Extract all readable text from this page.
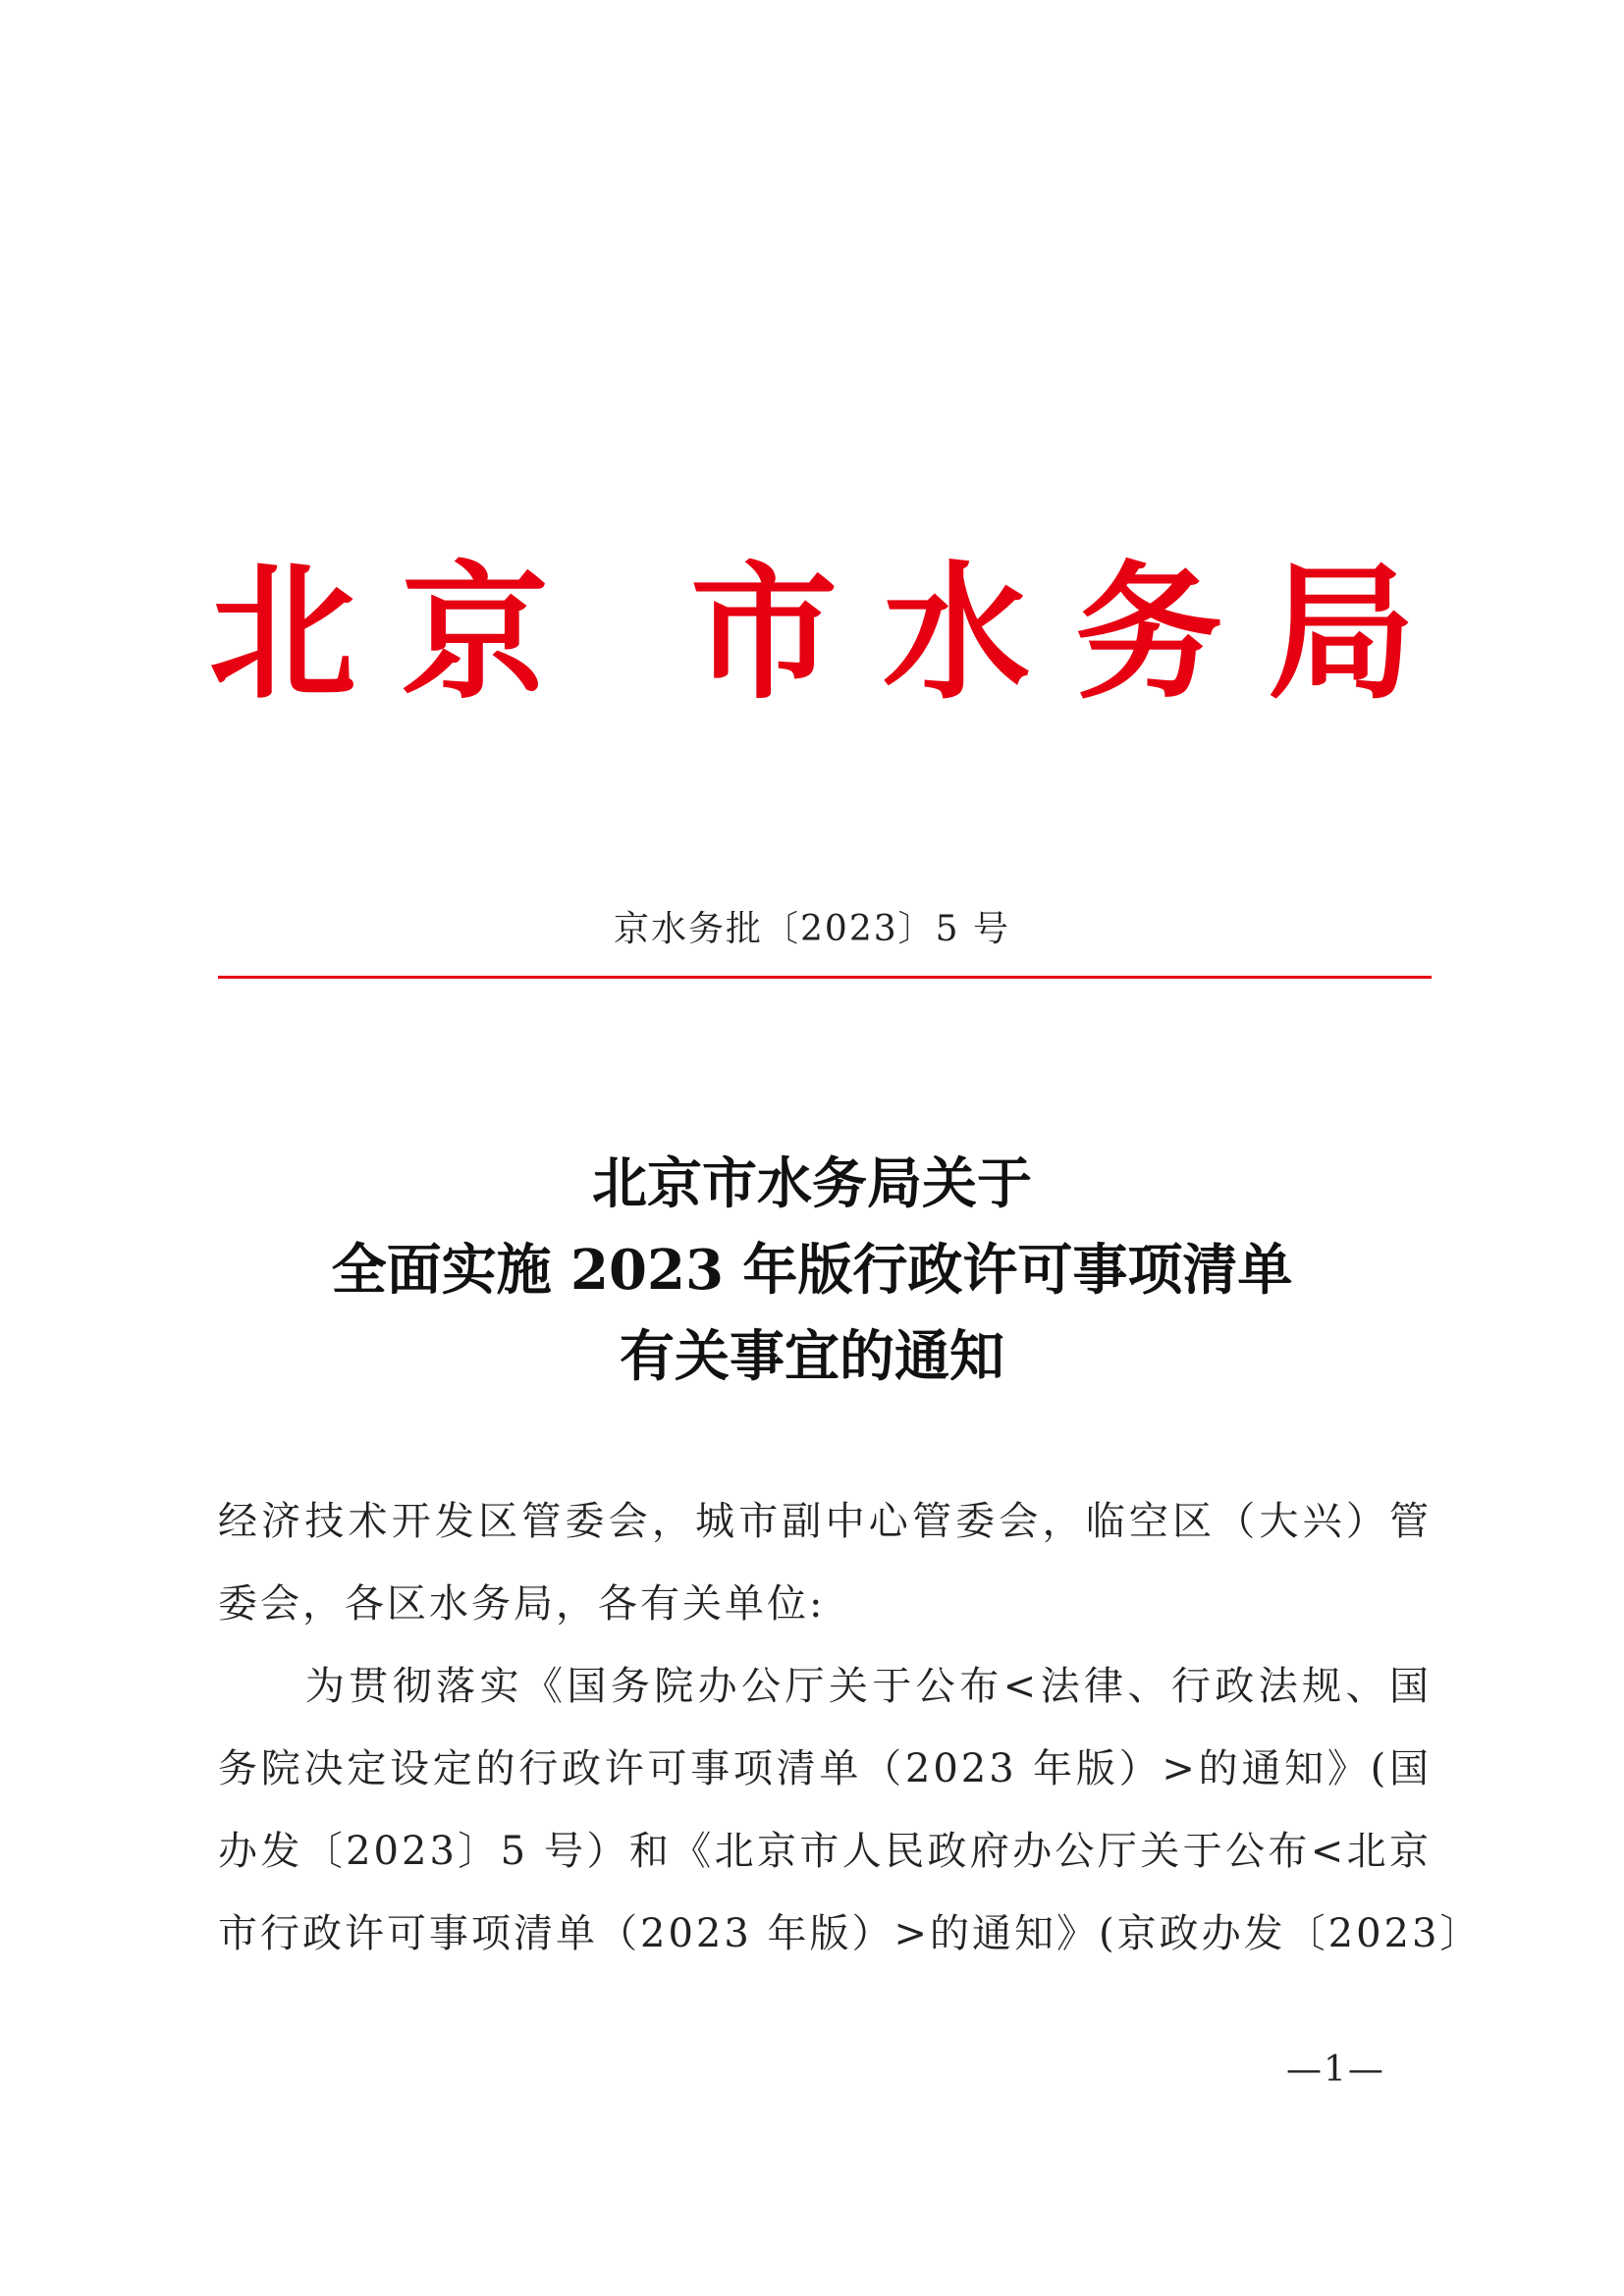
北京 市水务局
京水务批〔2023〕5 号
北京市水务局关于
全面实施 2023 年版行政许可事项清单
有关事宜的通知
经济技术开发区管委会，城市副中心管委会，临空区（大兴）管
委会，各区水务局，各有关单位:
　　为贯彻落实《国务院办公厅关于公布<法律、行政法规、国
务院决定设定的行政许可事项清单（2023 年版）>的通知》(国
办发〔2023〕5 号）和《北京市人民政府办公厅关于公布<北京
市行政许可事项清单（2023 年版）>的通知》(京政办发〔2023〕
—1—
